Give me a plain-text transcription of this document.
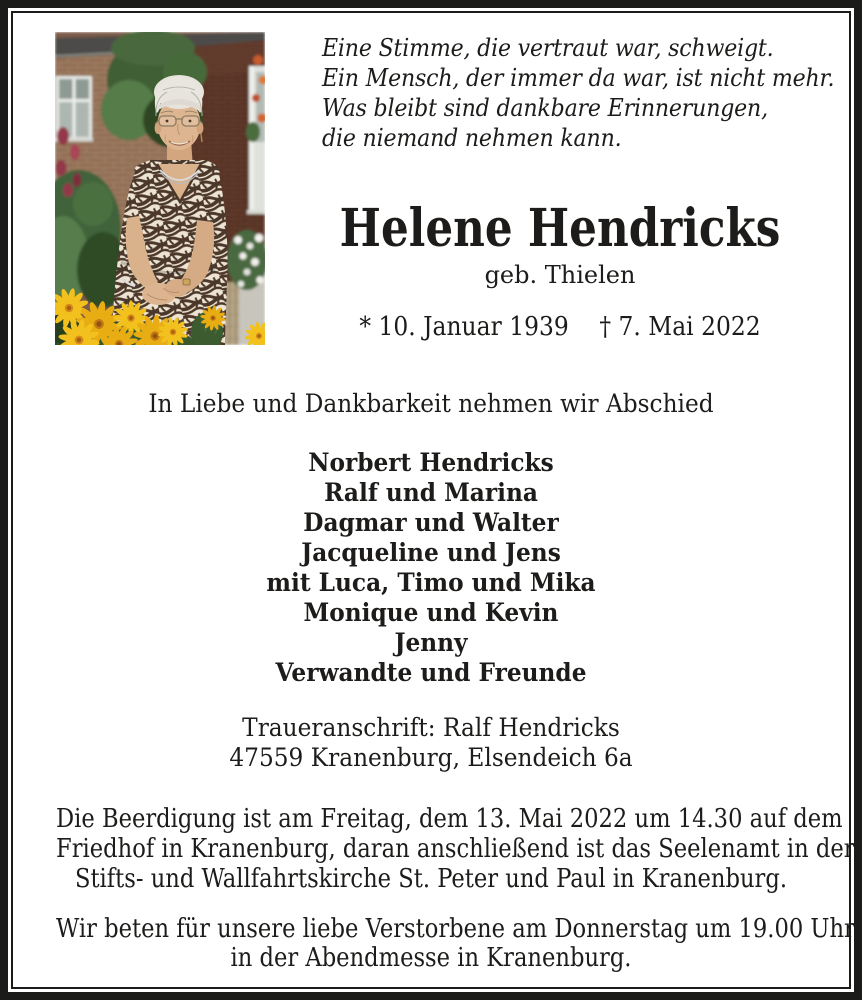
Eine Stimme, die vertraut war, schweigt.
Ein Mensch, der immer da war, ist nicht mehr.
Was bleibt sind dankbare Erinnerungen,
die niemand nehmen kann.
Helene Hendricks
geb. Thielen
* 10. Januar 1939 † 7. Mai 2022
In Liebe und Dankbarkeit nehmen wir Abschied
Norbert Hendricks
Ralf und Marina
Dagmar und Walter
Jacqueline und Jens
mit Luca, Timo und Mika
Monique und Kevin
Jenny
Verwandte und Freunde
Traueranschrift: Ralf Hendricks
47559 Kranenburg, Elsendeich 6a
Die Beerdigung ist am Freitag, dem 13. Mai 2022 um 14.30 auf dem
Friedhof in Kranenburg, daran anschließend ist das Seelenamt in der
Stifts- und Wallfahrtskirche St. Peter und Paul in Kranenburg.
Wir beten für unsere liebe Verstorbene am Donnerstag um 19.00 Uhr
in der Abendmesse in Kranenburg.
